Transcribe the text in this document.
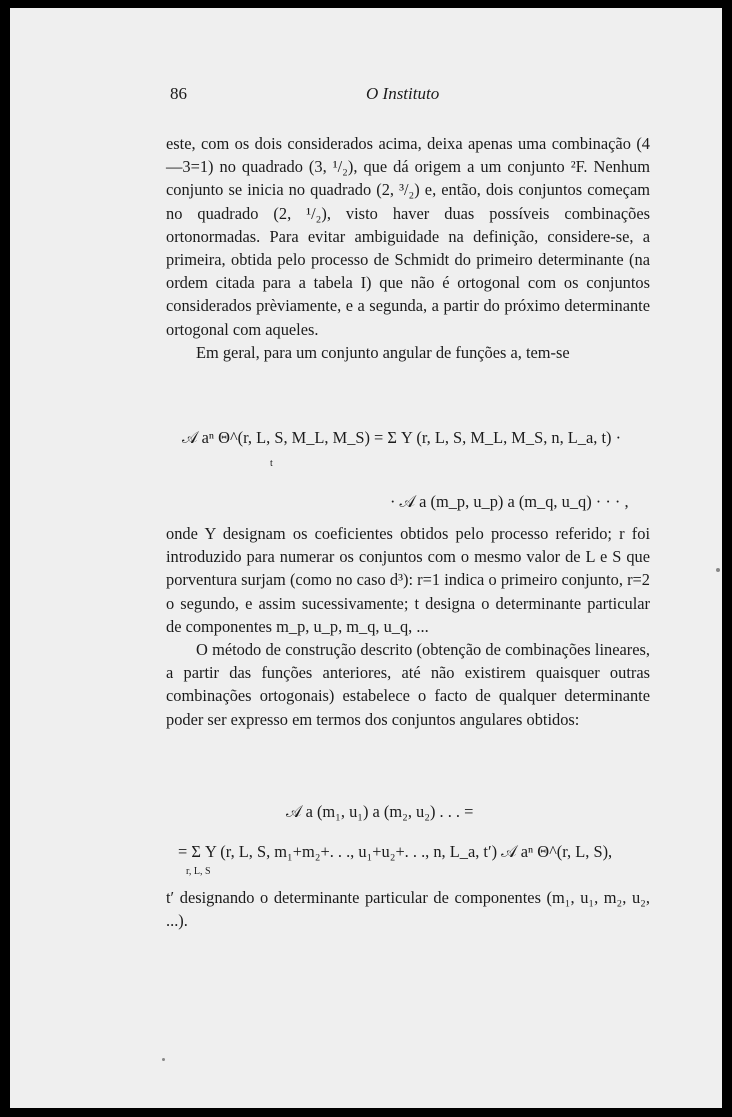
86	O Instituto

este, com os dois considerados acima, deixa apenas uma combinação (4—3=1) no quadrado (3, ¹/₂), que dá origem a um conjunto ²F. Nenhum conjunto se inicia no quadrado (2, ³/₂) e, então, dois conjuntos começam no quadrado (2, ¹/₂), visto haver duas possíveis combinações ortonormadas. Para evitar ambiguidade na definição, considere-se, a primeira, obtida pelo processo de Schmidt do primeiro determinante (na ordem citada para a tabela I) que não é ortogonal com os conjuntos considerados prèviamente, e a segunda, a partir do próximo determinante ortogonal com aqueles.

Em geral, para um conjunto angular de funções a, tem-se

𝒜 aⁿ Θ^(r, L, S, M_L, M_S) = Σ Y (r, L, S, M_L, M_S, n, L_a, t) ·
t
· 𝒜 a (m_p, u_p) a (m_q, u_q) · · · ,

onde Y designam os coeficientes obtidos pelo processo referido; r foi introduzido para numerar os conjuntos com o mesmo valor de L e S que porventura surjam (como no caso d³): r=1 indica o primeiro conjunto, r=2 o segundo, e assim sucessivamente; t designa o determinante particular de componentes m_p, u_p, m_q, u_q, ...

O método de construção descrito (obtenção de combinações lineares, a partir das funções anteriores, até não existirem quaisquer outras combinações ortogonais) estabelece o facto de qualquer determinante poder ser expresso em termos dos conjuntos angulares obtidos:

𝒜 a (m₁, u₁) a (m₂, u₂) . . . =
= Σ Y (r, L, S, m₁+m₂+. . ., u₁+u₂+. . ., n, L_a, t′) 𝒜 aⁿ Θ^(r, L, S),
r, L, S

t′ designando o determinante particular de componentes (m₁, u₁, m₂, u₂, ...).
